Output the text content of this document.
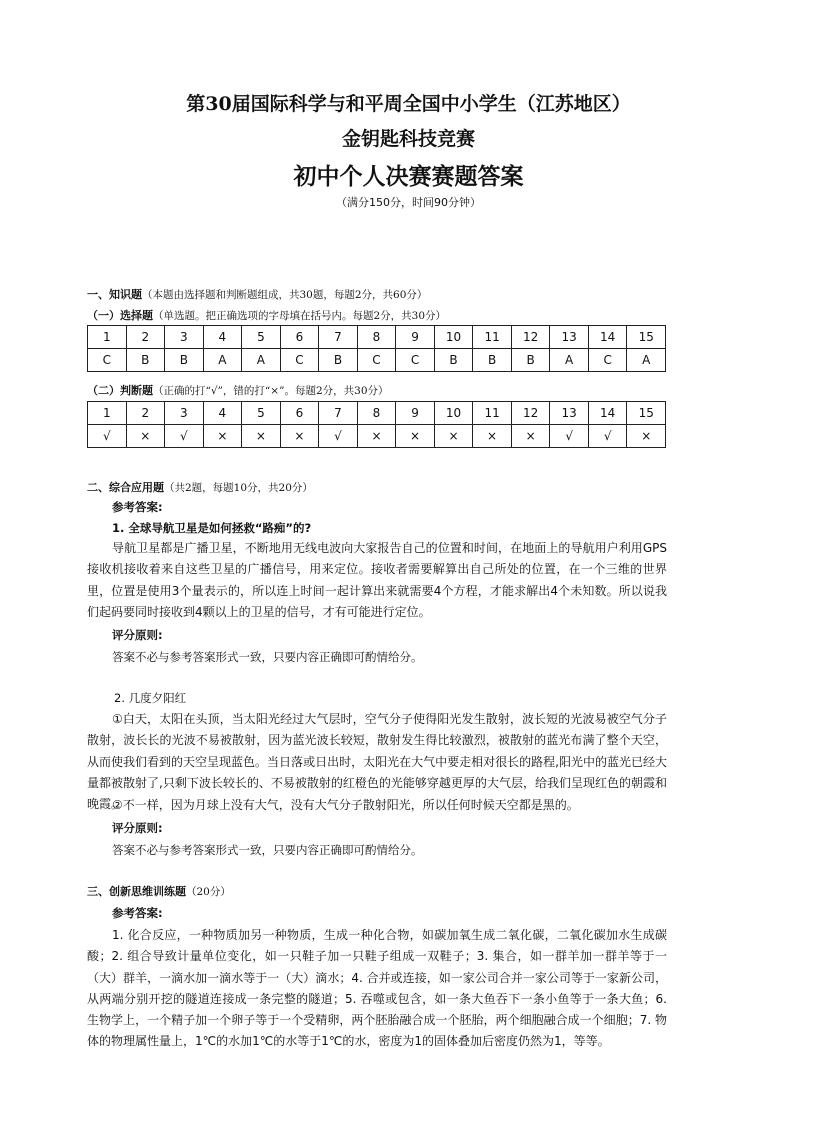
第30届国际科学与和平周全国中小学生（江苏地区）
金钥匙科技竞赛
初中个人决赛赛题答案
（满分150分，时间90分钟）
一、知识题（本题由选择题和判断题组成，共30题，每题2分，共60分）
（一）选择题（单选题。把正确选项的字母填在括号内。每题2分，共30分）
1	2	3	4	5	6	7	8	9	10	11	12	13	14	15
C	B	B	A	A	C	B	C	C	B	B	B	A	C	A
（二）判断题（正确的打“√”，错的打“×”。每题2分，共30分）
1	2	3	4	5	6	7	8	9	10	11	12	13	14	15
√	×	√	×	×	×	√	×	×	×	×	×	√	√	×
二、综合应用题（共2题，每题10分，共20分）
参考答案:
1. 全球导航卫星是如何拯救“路痴”的?
导航卫星都是广播卫星，不断地用无线电波向大家报告自己的位置和时间，在地面上的导航用户利用GPS接收机接收着来自这些卫星的广播信号，用来定位。接收者需要解算出自己所处的位置，在一个三维的世界里，位置是使用3个量表示的，所以连上时间一起计算出来就需要4个方程，才能求解出4个未知数。所以说我们起码要同时接收到4颗以上的卫星的信号，才有可能进行定位。
评分原则:
答案不必与参考答案形式一致，只要内容正确即可酌情给分。
2. 几度夕阳红
①白天，太阳在头顶，当太阳光经过大气层时，空气分子使得阳光发生散射，波长短的光波易被空气分子散射，波长长的光波不易被散射，因为蓝光波长较短，散射发生得比较激烈，被散射的蓝光布满了整个天空，从而使我们看到的天空呈现蓝色。当日落或日出时，太阳光在大气中要走相对很长的路程,阳光中的蓝光已经大量都被散射了,只剩下波长较长的、不易被散射的红橙色的光能够穿越更厚的大气层，给我们呈现红色的朝霞和晚霞。
②不一样，因为月球上没有大气，没有大气分子散射阳光，所以任何时候天空都是黑的。
评分原则:
答案不必与参考答案形式一致，只要内容正确即可酌情给分。
三、创新思维训练题（20分）
参考答案:
1. 化合反应，一种物质加另一种物质，生成一种化合物，如碳加氧生成二氧化碳，二氧化碳加水生成碳酸；2. 组合导致计量单位变化，如一只鞋子加一只鞋子组成一双鞋子；3. 集合，如一群羊加一群羊等于一（大）群羊，一滴水加一滴水等于一（大）滴水；4. 合并或连接，如一家公司合并一家公司等于一家新公司，从两端分别开挖的隧道连接成一条完整的隧道；5. 吞噬或包含，如一条大鱼吞下一条小鱼等于一条大鱼；6. 生物学上，一个精子加一个卵子等于一个受精卵，两个胚胎融合成一个胚胎，两个细胞融合成一个细胞；7. 物体的物理属性量上，1℃的水加1℃的水等于1℃的水，密度为1的固体叠加后密度仍然为1，等等。
